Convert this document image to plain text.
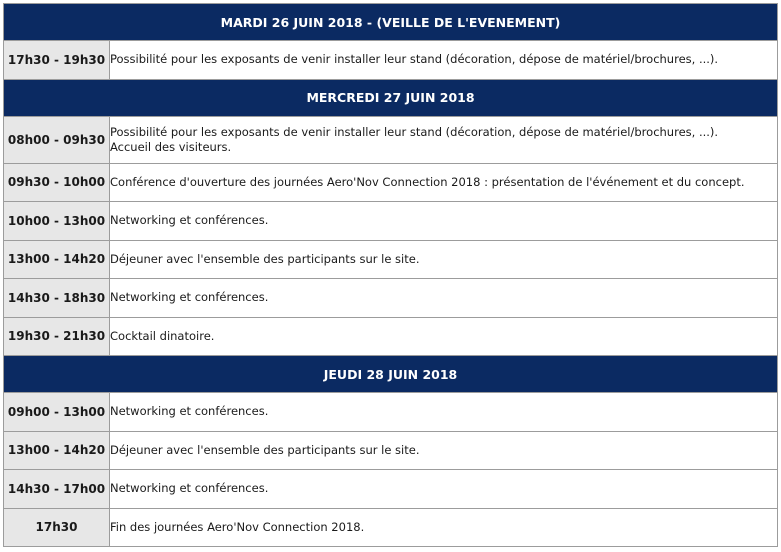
MARDI 26 JUIN 2018 - (VEILLE DE L'EVENEMENT)	
17h30 - 19h30	Possibilité pour les exposants de venir installer leur stand (décoration, dépose de matériel/brochures, ...).

MERCREDI 27 JUIN 2018	
08h00 - 09h30	Possibilité pour les exposants de venir installer leur stand (décoration, dépose de matériel/brochures, ...).
Accueil des visiteurs.

09h30 - 10h00	Conférence d'ouverture des journées Aero'Nov Connection 2018 : présentation de l'événement et du concept.

10h00 - 13h00	Networking et conférences.

13h00 - 14h20	Déjeuner avec l'ensemble des participants sur le site.

14h30 - 18h30	Networking et conférences.

19h30 - 21h30	Cocktail dinatoire.

JEUDI 28 JUIN 2018	
09h00 - 13h00	Networking et conférences.

13h00 - 14h20	Déjeuner avec l'ensemble des participants sur le site.

14h30 - 17h00	Networking et conférences.

17h30	Fin des journées Aero'Nov Connection 2018.
